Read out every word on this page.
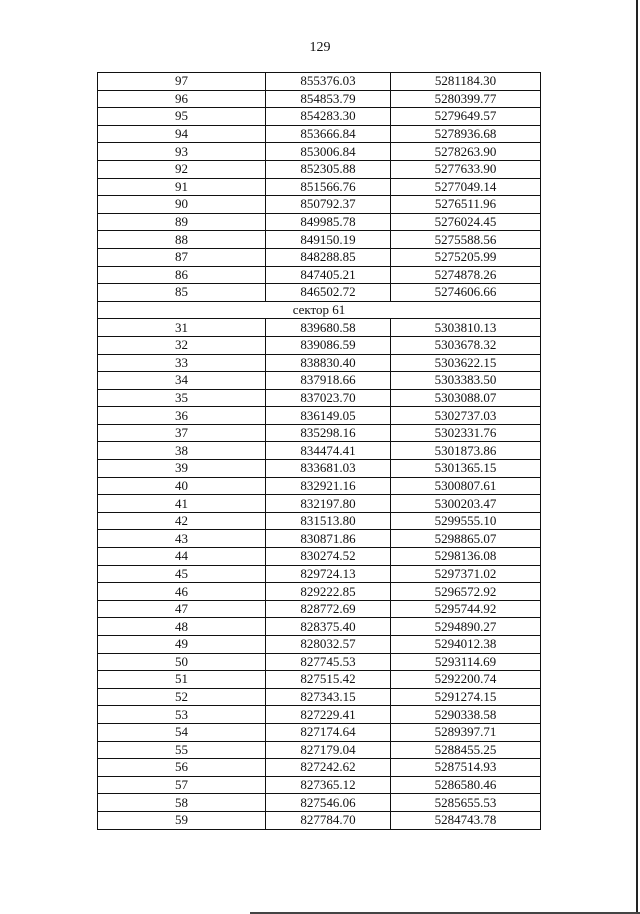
129
97	855376.03	5281184.30
96	854853.79	5280399.77
95	854283.30	5279649.57
94	853666.84	5278936.68
93	853006.84	5278263.90
92	852305.88	5277633.90
91	851566.76	5277049.14
90	850792.37	5276511.96
89	849985.78	5276024.45
88	849150.19	5275588.56
87	848288.85	5275205.99
86	847405.21	5274878.26
85	846502.72	5274606.66
сектор 61		
31	839680.58	5303810.13
32	839086.59	5303678.32
33	838830.40	5303622.15
34	837918.66	5303383.50
35	837023.70	5303088.07
36	836149.05	5302737.03
37	835298.16	5302331.76
38	834474.41	5301873.86
39	833681.03	5301365.15
40	832921.16	5300807.61
41	832197.80	5300203.47
42	831513.80	5299555.10
43	830871.86	5298865.07
44	830274.52	5298136.08
45	829724.13	5297371.02
46	829222.85	5296572.92
47	828772.69	5295744.92
48	828375.40	5294890.27
49	828032.57	5294012.38
50	827745.53	5293114.69
51	827515.42	5292200.74
52	827343.15	5291274.15
53	827229.41	5290338.58
54	827174.64	5289397.71
55	827179.04	5288455.25
56	827242.62	5287514.93
57	827365.12	5286580.46
58	827546.06	5285655.53
59	827784.70	5284743.78
